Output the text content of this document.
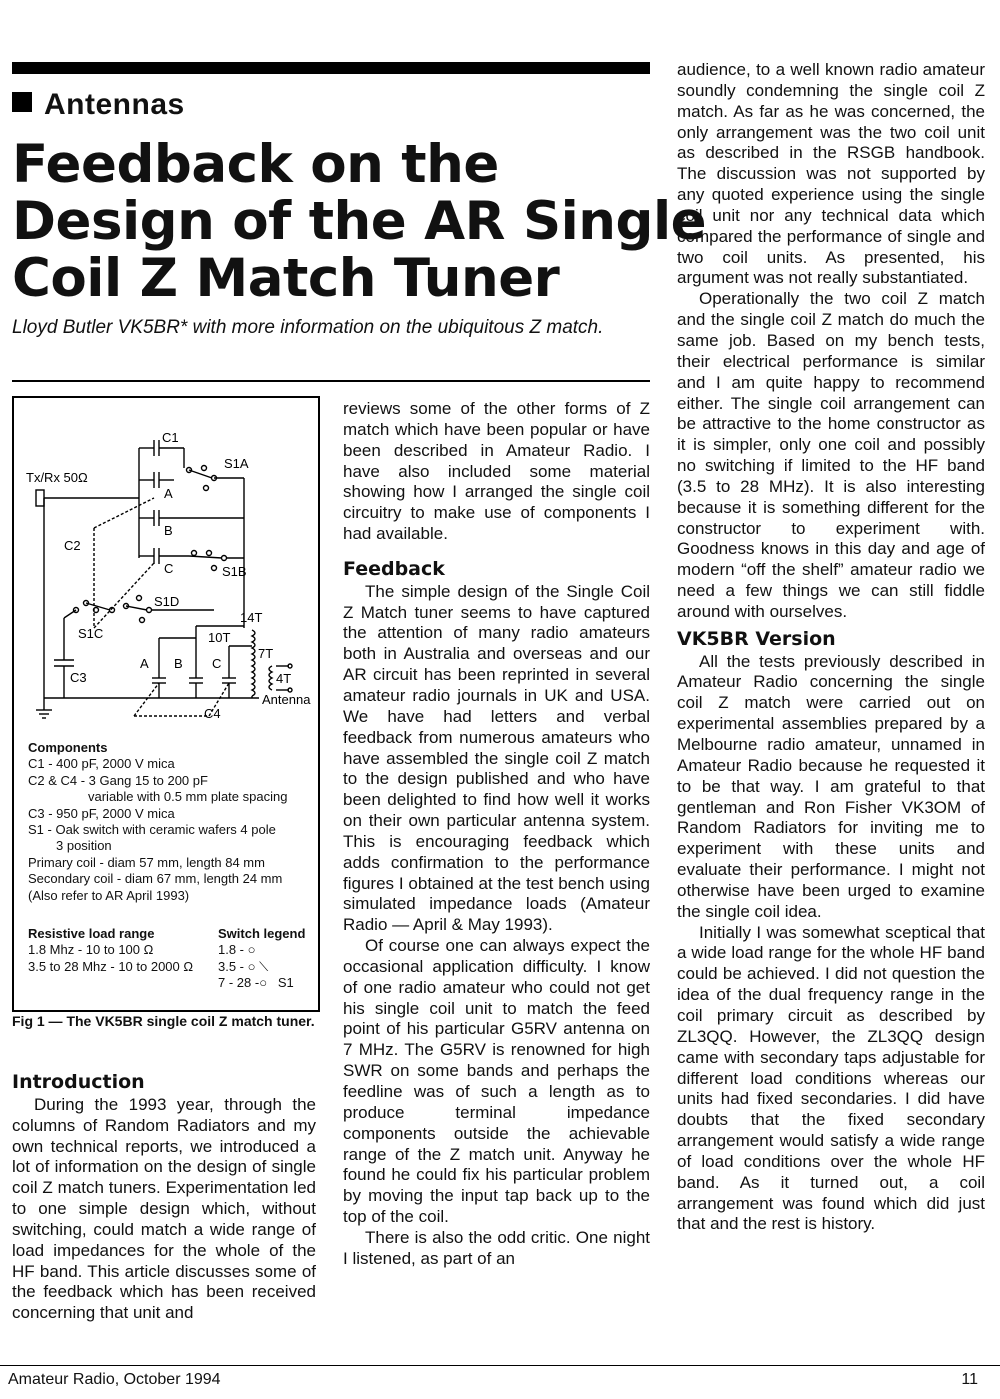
Antennas
Feedback on the
Design of the AR Single
Coil Z Match Tuner
Lloyd Butler VK5BR* with more information on the ubiquitous Z match.
C1
S1A
Tx/Rx 50Ω
A
B
C
C2
S1B
S1D
S1C
14T
10T
7T
4T
C3
Antenna
C4
A B C
Components
C1 - 400 pF, 2000 V mica
C2 & C4 - 3 Gang 15 to 200 pF
variable with 0.5 mm plate spacing
C3 - 950 pF, 2000 V mica
S1 - Oak switch with ceramic wafers 4 pole
3 position
Primary coil - diam 57 mm, length 84 mm
Secondary coil - diam 67 mm, length 24 mm
(Also refer to AR April 1993)
Resistive load range
1.8 Mhz - 10 to 100 Ω
3.5 to 28 Mhz - 10 to 2000 Ω
Switch legend
1.8 - ○
3.5 - ○ ⟍
7 - 28 -○ S1
Fig 1 — The VK5BR single coil Z match tuner.
Introduction

During the 1993 year, through the columns of Random Radiators and my own technical reports, we introduced a lot of information on the design of single coil Z match tuners. Experimentation led to one simple design which, without switching, could match a wide range of load impedances for the whole of the HF band. This article discusses some of the feedback which has been received concerning that unit and

reviews some of the other forms of Z match which have been popular or have been described in Amateur Radio. I have also included some material showing how I arranged the single coil circuitry to make use of components I had available.

Feedback

The simple design of the Single Coil Z Match tuner seems to have captured the attention of many radio amateurs both in Australia and overseas and our AR circuit has been reprinted in several amateur radio journals in UK and USA. We have had letters and verbal feedback from numerous amateurs who have assembled the single coil Z match to the design published and who have been delighted to find how well it works on their own particular antenna system. This is encouraging feedback which adds confirmation to the performance figures I obtained at the test bench using simulated impedance loads (Amateur Radio — April & May 1993).

Of course one can always expect the occasional application difficulty. I know of one radio amateur who could not get his single coil unit to match the feed point of his particular G5RV antenna on 7 MHz. The G5RV is renowned for high SWR on some bands and perhaps the feedline was of such a length as to produce terminal impedance components outside the achievable range of the Z match unit. Anyway he found he could fix his particular problem by moving the input tap back up to the top of the coil.

There is also the odd critic. One night I listened, as part of an

audience, to a well known radio amateur soundly condemning the single coil Z match. As far as he was concerned, the only arrangement was the two coil unit as described in the RSGB handbook. The discussion was not supported by any quoted experience using the single coil unit nor any technical data which compared the performance of single and two coil units. As presented, his argument was not really substantiated.

Operationally the two coil Z match and the single coil Z match do much the same job. Based on my bench tests, their electrical performance is similar and I am quite happy to recommend either. The single coil arrangement can be attractive to the home constructor as it is simpler, only one coil and possibly no switching if limited to the HF band (3.5 to 28 MHz). It is also interesting because it is something different for the constructor to experiment with. Goodness knows in this day and age of modern “off the shelf” amateur radio we need a few things we can still fiddle around with ourselves.

VK5BR Version

All the tests previously described in Amateur Radio concerning the single coil Z match were carried out on experimental assemblies prepared by a Melbourne radio amateur, unnamed in Amateur Radio because he requested it to be that way. I am grateful to that gentleman and Ron Fisher VK3OM of Random Radiators for inviting me to experiment with these units and evaluate their performance. I might not otherwise have been urged to examine the single coil idea.

Initially I was somewhat sceptical that a wide load range for the whole HF band could be achieved. I did not question the idea of the dual frequency range in the coil primary circuit as described by ZL3QQ. However, the ZL3QQ design came with secondary taps adjustable for different load conditions whereas our units had fixed secondaries. I did have doubts that the fixed secondary arrangement would satisfy a wide range of load conditions over the whole HF band. As it turned out, a coil arrangement was found which did just that and the rest is history.

Amateur Radio, October 1994	11
